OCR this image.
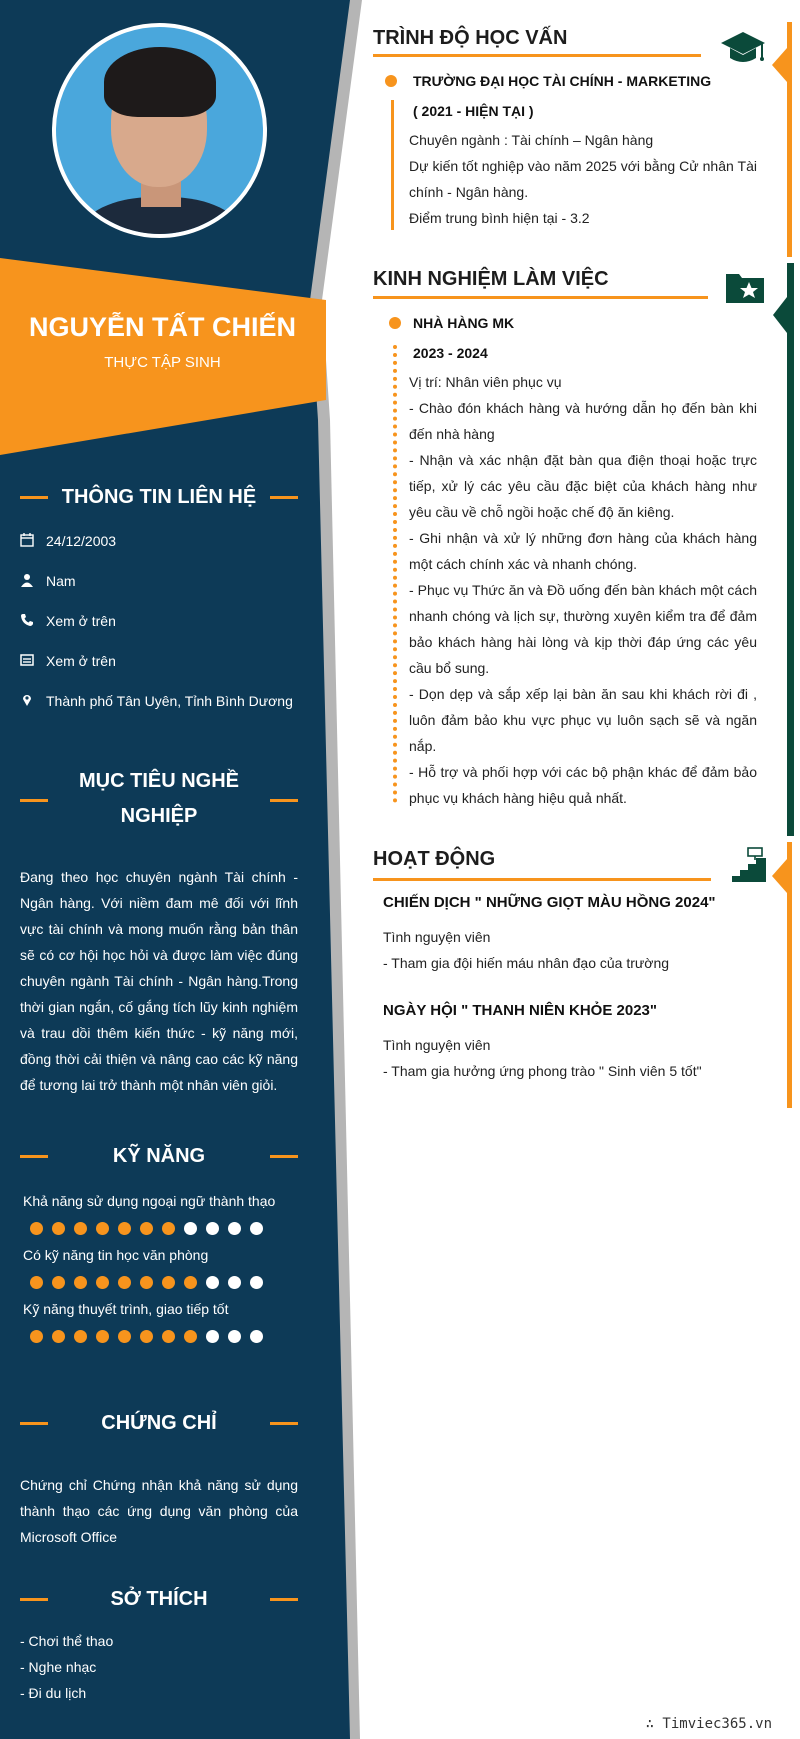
NGUYỄN TẤT CHIẾN
THỰC TẬP SINH
THÔNG TIN LIÊN HỆ
24/12/2003
Nam
Xem ở trên
Xem ở trên
Thành phố Tân Uyên, Tỉnh Bình Dương
MỤC TIÊU NGHỀ
NGHIỆP
Đang theo học chuyên ngành Tài chính - Ngân hàng. Với niềm đam mê đối với lĩnh vực tài chính và mong muốn rằng bản thân sẽ có cơ hội học hỏi và được làm việc đúng chuyên ngành Tài chính - Ngân hàng.Trong thời gian ngắn, cố gắng tích lũy kinh nghiệm và trau dồi thêm kiến thức - kỹ năng mới, đồng thời cải thiện và nâng cao các kỹ năng để tương lai trở thành một nhân viên giỏi.
KỸ NĂNG
Khả năng sử dụng ngoại ngữ thành thạo
Có kỹ năng tin học văn phòng
Kỹ năng thuyết trình, giao tiếp tốt
CHỨNG CHỈ
Chứng chỉ Chứng nhận khả năng sử dụng thành thạo các ứng dụng văn phòng của Microsoft Office
SỞ THÍCH
- Chơi thể thao
- Nghe nhạc
- Đi du lịch
TRÌNH ĐỘ HỌC VẤN
TRƯỜNG ĐẠI HỌC TÀI CHÍNH - MARKETING
( 2021 - HIỆN TẠI )
Chuyên ngành : Tài chính – Ngân hàng
Dự kiến tốt nghiệp vào năm 2025 với bằng Cử nhân Tài chính - Ngân hàng.
Điểm trung bình hiện tại - 3.2
KINH NGHIỆM LÀM VIỆC
NHÀ HÀNG MK
2023 - 2024
Vị trí: Nhân viên phục vụ
- Chào đón khách hàng và hướng dẫn họ đến bàn khi đến nhà hàng
- Nhận và xác nhận đặt bàn qua điện thoại hoặc trực tiếp, xử lý các yêu cầu đặc biệt của khách hàng như yêu cầu về chỗ ngồi hoặc chế độ ăn kiêng.
- Ghi nhận và xử lý những đơn hàng của khách hàng một cách chính xác và nhanh chóng.
- Phục vụ Thức ăn và Đồ uống đến bàn khách một cách nhanh chóng và lịch sự, thường xuyên kiểm tra để đảm bảo khách hàng hài lòng và kịp thời đáp ứng các yêu cầu bổ sung.
- Dọn dẹp và sắp xếp lại bàn ăn sau khi khách rời đi , luôn đảm bảo khu vực phục vụ luôn sạch sẽ và ngăn nắp.
- Hỗ trợ và phối hợp với các bộ phận khác để đảm bảo phục vụ khách hàng hiệu quả nhất.
HOẠT ĐỘNG
CHIẾN DỊCH " NHỮNG GIỌT MÀU HỒNG 2024"
Tình nguyện viên
- Tham gia đội hiến máu nhân đạo của trường
NGÀY HỘI " THANH NIÊN KHỎE 2023"
Tình nguyện viên
- Tham gia hưởng ứng phong trào " Sinh viên 5 tốt"
∴ Timviec365.vn
